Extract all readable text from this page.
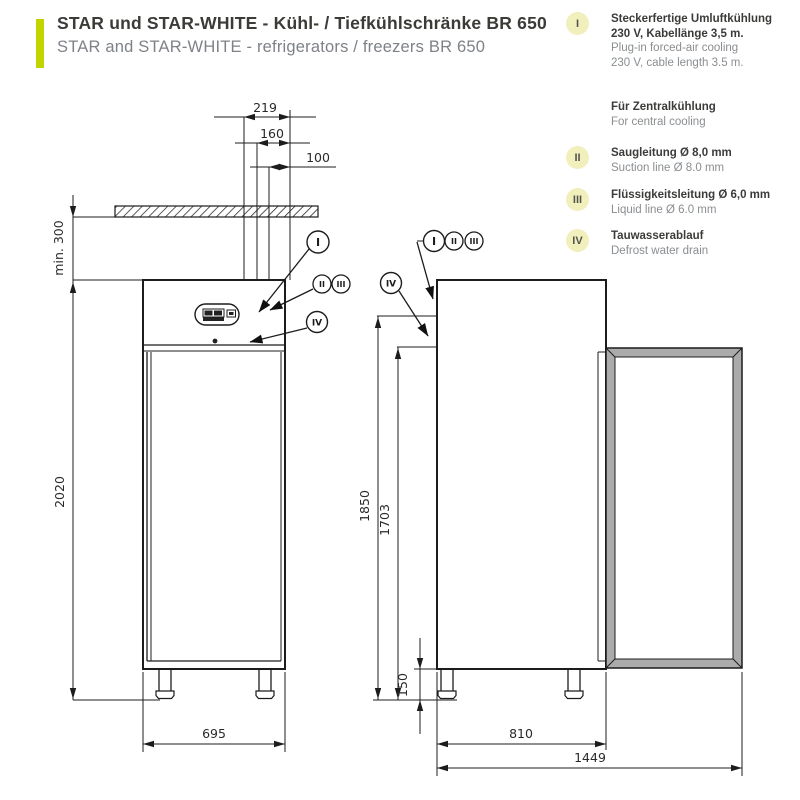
STAR und STAR-WHITE - Kühl- / Tiefkühlschränke BR 650
STAR and STAR-WHITE - refrigerators / freezers BR 650
I	Steckerfertige Umluftkühlung
230 V, Kabellänge 3,5 m.
Plug-in forced-air cooling
230 V, cable length 3.5 m.
Für Zentralkühlung
For central cooling
II	Saugleitung Ø 8,0 mm
Suction line Ø 8.0 mm
III	Flüssigkeitsleitung Ø 6,0 mm
Liquid line Ø 6.0 mm
IV	Tauwasserablauf
Defrost water drain
219
160
100
min. 300
2020
695
I
II III
IV
1850 1703
150
810
1449
I II III
IV
